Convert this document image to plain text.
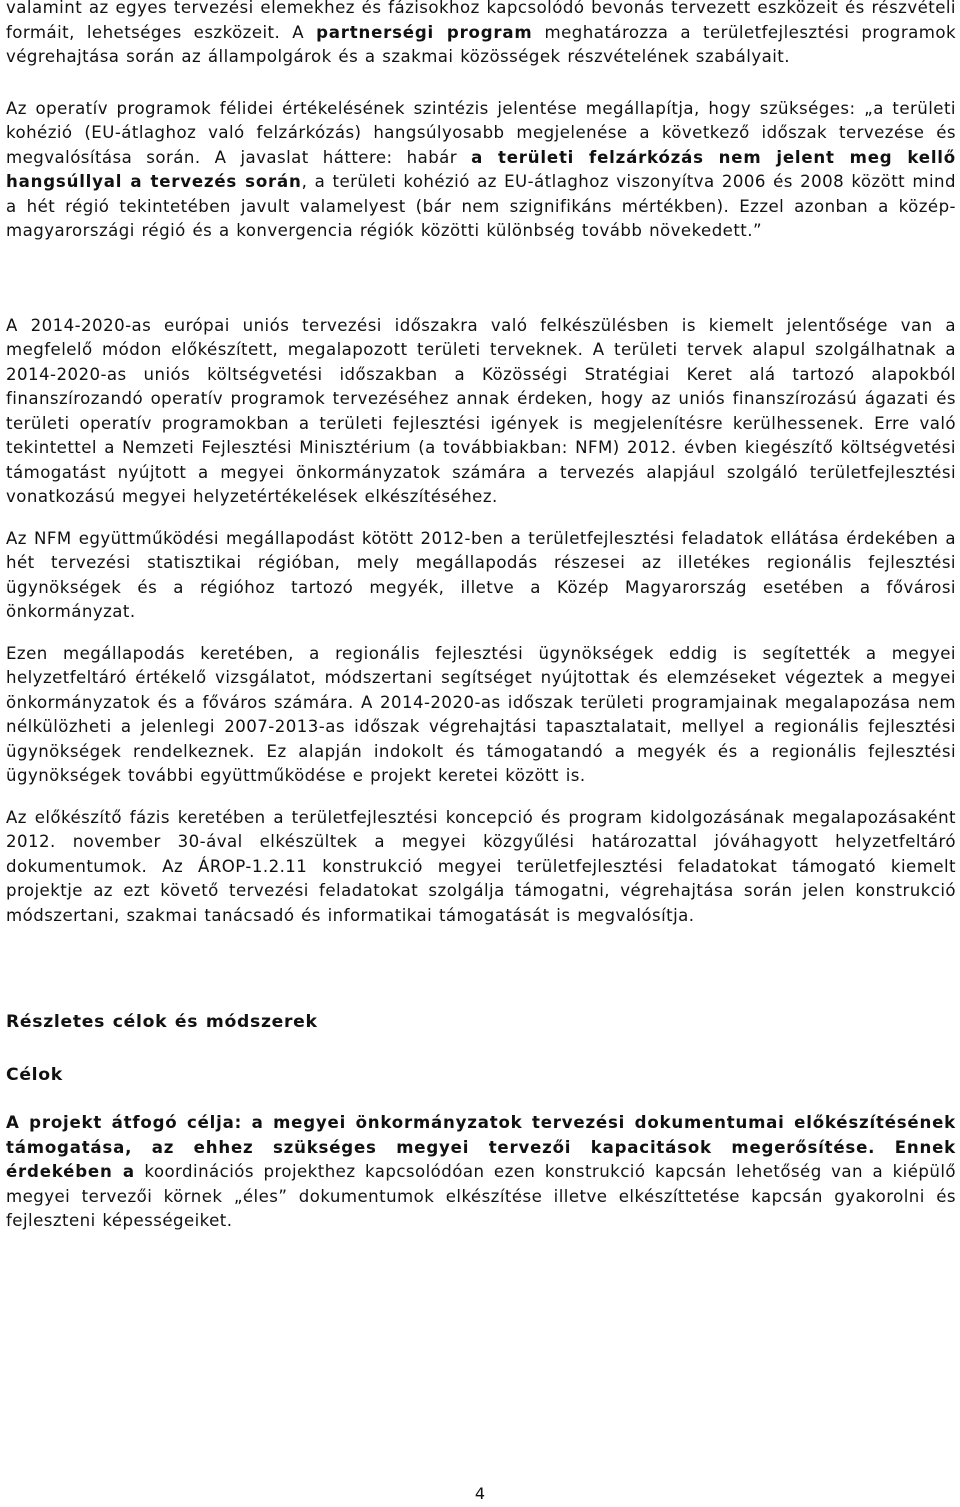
valamint az egyes tervezési elemekhez és fázisokhoz kapcsolódó bevonás tervezett eszközeit és részvételi formáit, lehetséges eszközeit. A partnerségi program meghatározza a területfejlesztési programok végrehajtása során az állampolgárok és a szakmai közösségek részvételének szabályait.

Az operatív programok félidei értékelésének szintézis jelentése megállapítja, hogy szükséges: „a területi kohézió (EU-átlaghoz való felzárkózás) hangsúlyosabb megjelenése a következő időszak tervezése és megvalósítása során. A javaslat háttere: habár a területi felzárkózás nem jelent meg kellő hangsúllyal a tervezés során, a területi kohézió az EU-átlaghoz viszonyítva 2006 és 2008 között mind a hét régió tekintetében javult valamelyest (bár nem szignifikáns mértékben). Ezzel azonban a közép-magyarországi régió és a konvergencia régiók közötti különbség tovább növekedett.”

A 2014-2020-as európai uniós tervezési időszakra való felkészülésben is kiemelt jelentősége van a megfelelő módon előkészített, megalapozott területi terveknek. A területi tervek alapul szolgálhatnak a 2014-2020-as uniós költségvetési időszakban a Közösségi Stratégiai Keret alá tartozó alapokból finanszírozandó operatív programok tervezéséhez annak érdeken, hogy az uniós finanszírozású ágazati és területi operatív programokban a területi fejlesztési igények is megjelenítésre kerülhessenek. Erre való tekintettel a Nemzeti Fejlesztési Minisztérium (a továbbiakban: NFM) 2012. évben kiegészítő költségvetési támogatást nyújtott a megyei önkormányzatok számára a tervezés alapjául szolgáló területfejlesztési vonatkozású megyei helyzetértékelések elkészítéséhez.

Az NFM együttműködési megállapodást kötött 2012-ben a területfejlesztési feladatok ellátása érdekében a hét tervezési statisztikai régióban, mely megállapodás részesei az illetékes regionális fejlesztési ügynökségek és a régióhoz tartozó megyék, illetve a Közép Magyarország esetében a fővárosi önkormányzat.

Ezen megállapodás keretében, a regionális fejlesztési ügynökségek eddig is segítették a megyei helyzetfeltáró értékelő vizsgálatot, módszertani segítséget nyújtottak és elemzéseket végeztek a megyei önkormányzatok és a főváros számára. A 2014-2020-as időszak területi programjainak megalapozása nem nélkülözheti a jelenlegi 2007-2013-as időszak végrehajtási tapasztalatait, mellyel a regionális fejlesztési ügynökségek rendelkeznek. Ez alapján indokolt és támogatandó a megyék és a regionális fejlesztési ügynökségek további együttműködése e projekt keretei között is.

Az előkészítő fázis keretében a területfejlesztési koncepció és program kidolgozásának megalapozásaként 2012. november 30-ával elkészültek a megyei közgyűlési határozattal jóváhagyott helyzetfeltáró dokumentumok. Az ÁROP-1.2.11 konstrukció megyei területfejlesztési feladatokat támogató kiemelt projektje az ezt követő tervezési feladatokat szolgálja támogatni, végrehajtása során jelen konstrukció módszertani, szakmai tanácsadó és informatikai támogatását is megvalósítja.

Részletes célok és módszerek

Célok

A projekt átfogó célja: a megyei önkormányzatok tervezési dokumentumai előkészítésének támogatása, az ehhez szükséges megyei tervezői kapacitások megerősítése. Ennek érdekében a koordinációs projekthez kapcsolódóan ezen konstrukció kapcsán lehetőség van a kiépülő megyei tervezői körnek „éles” dokumentumok elkészítése illetve elkészíttetése kapcsán gyakorolni és fejleszteni képességeiket.

4
